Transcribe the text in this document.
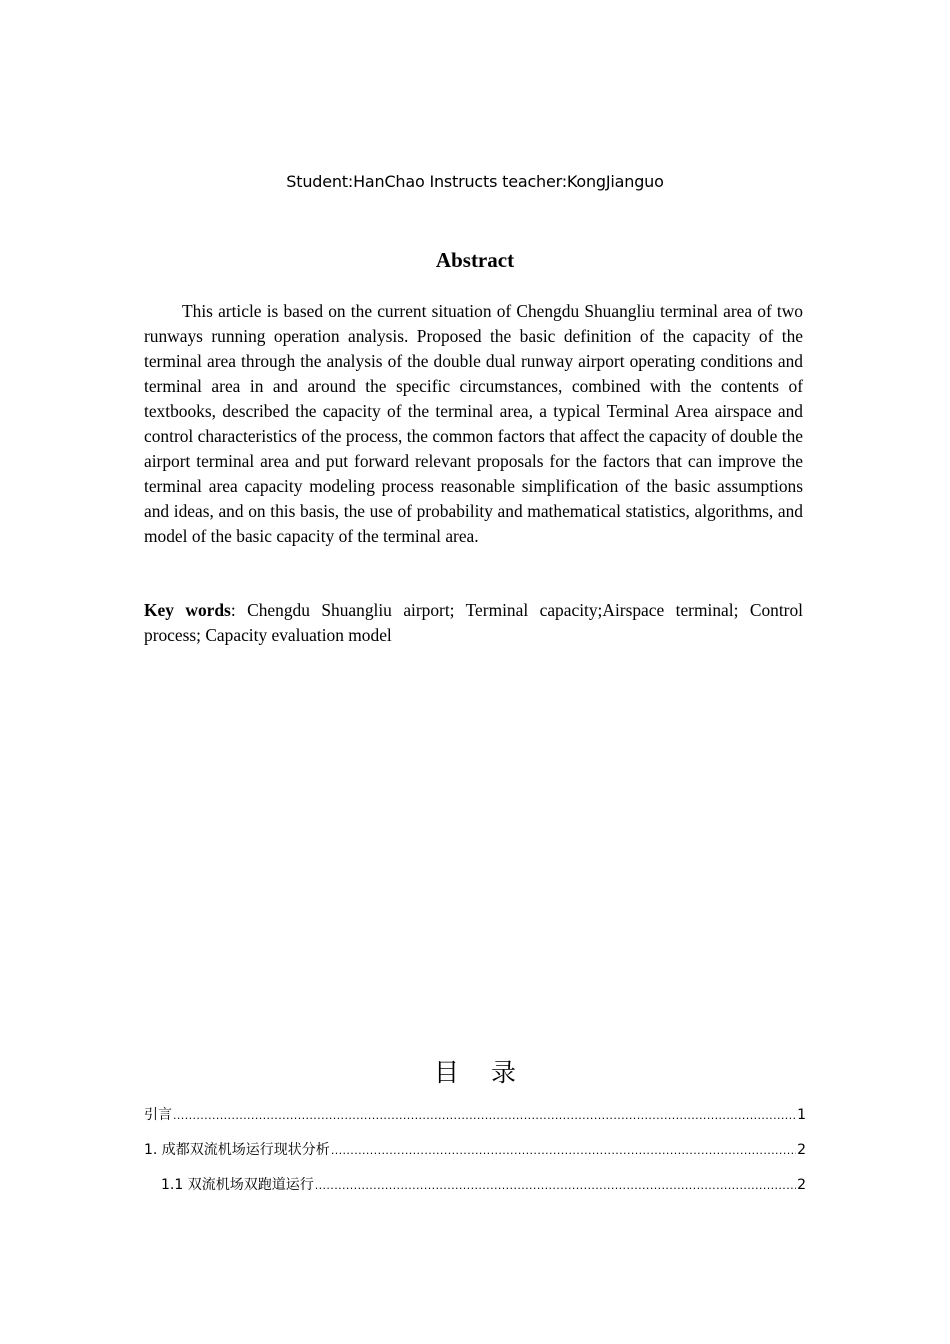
Student:HanChao Instructs teacher:KongJianguo
Abstract

This article is based on the current situation of Chengdu Shuangliu terminal area of two runways running operation analysis. Proposed the basic definition of the capacity of the terminal area through the analysis of the double dual runway airport operating conditions and terminal area in and around the specific circumstances, combined with the contents of textbooks, described the capacity of the terminal area, a typical Terminal Area airspace and control characteristics of the process, the common factors that affect the capacity of double the airport terminal area and put forward relevant proposals for the factors that can improve the terminal area capacity modeling process reasonable simplification of the basic assumptions and ideas, and on this basis, the use of probability and mathematical statistics, algorithms, and model of the basic capacity of the terminal area.

Key words: Chengdu Shuangliu airport; Terminal capacity;Airspace terminal; Control process; Capacity evaluation model

目 录
引言 .....	1
1. 成都双流机场运行现状分析 .....	2
1.1 双流机场双跑道运行 .....	2
